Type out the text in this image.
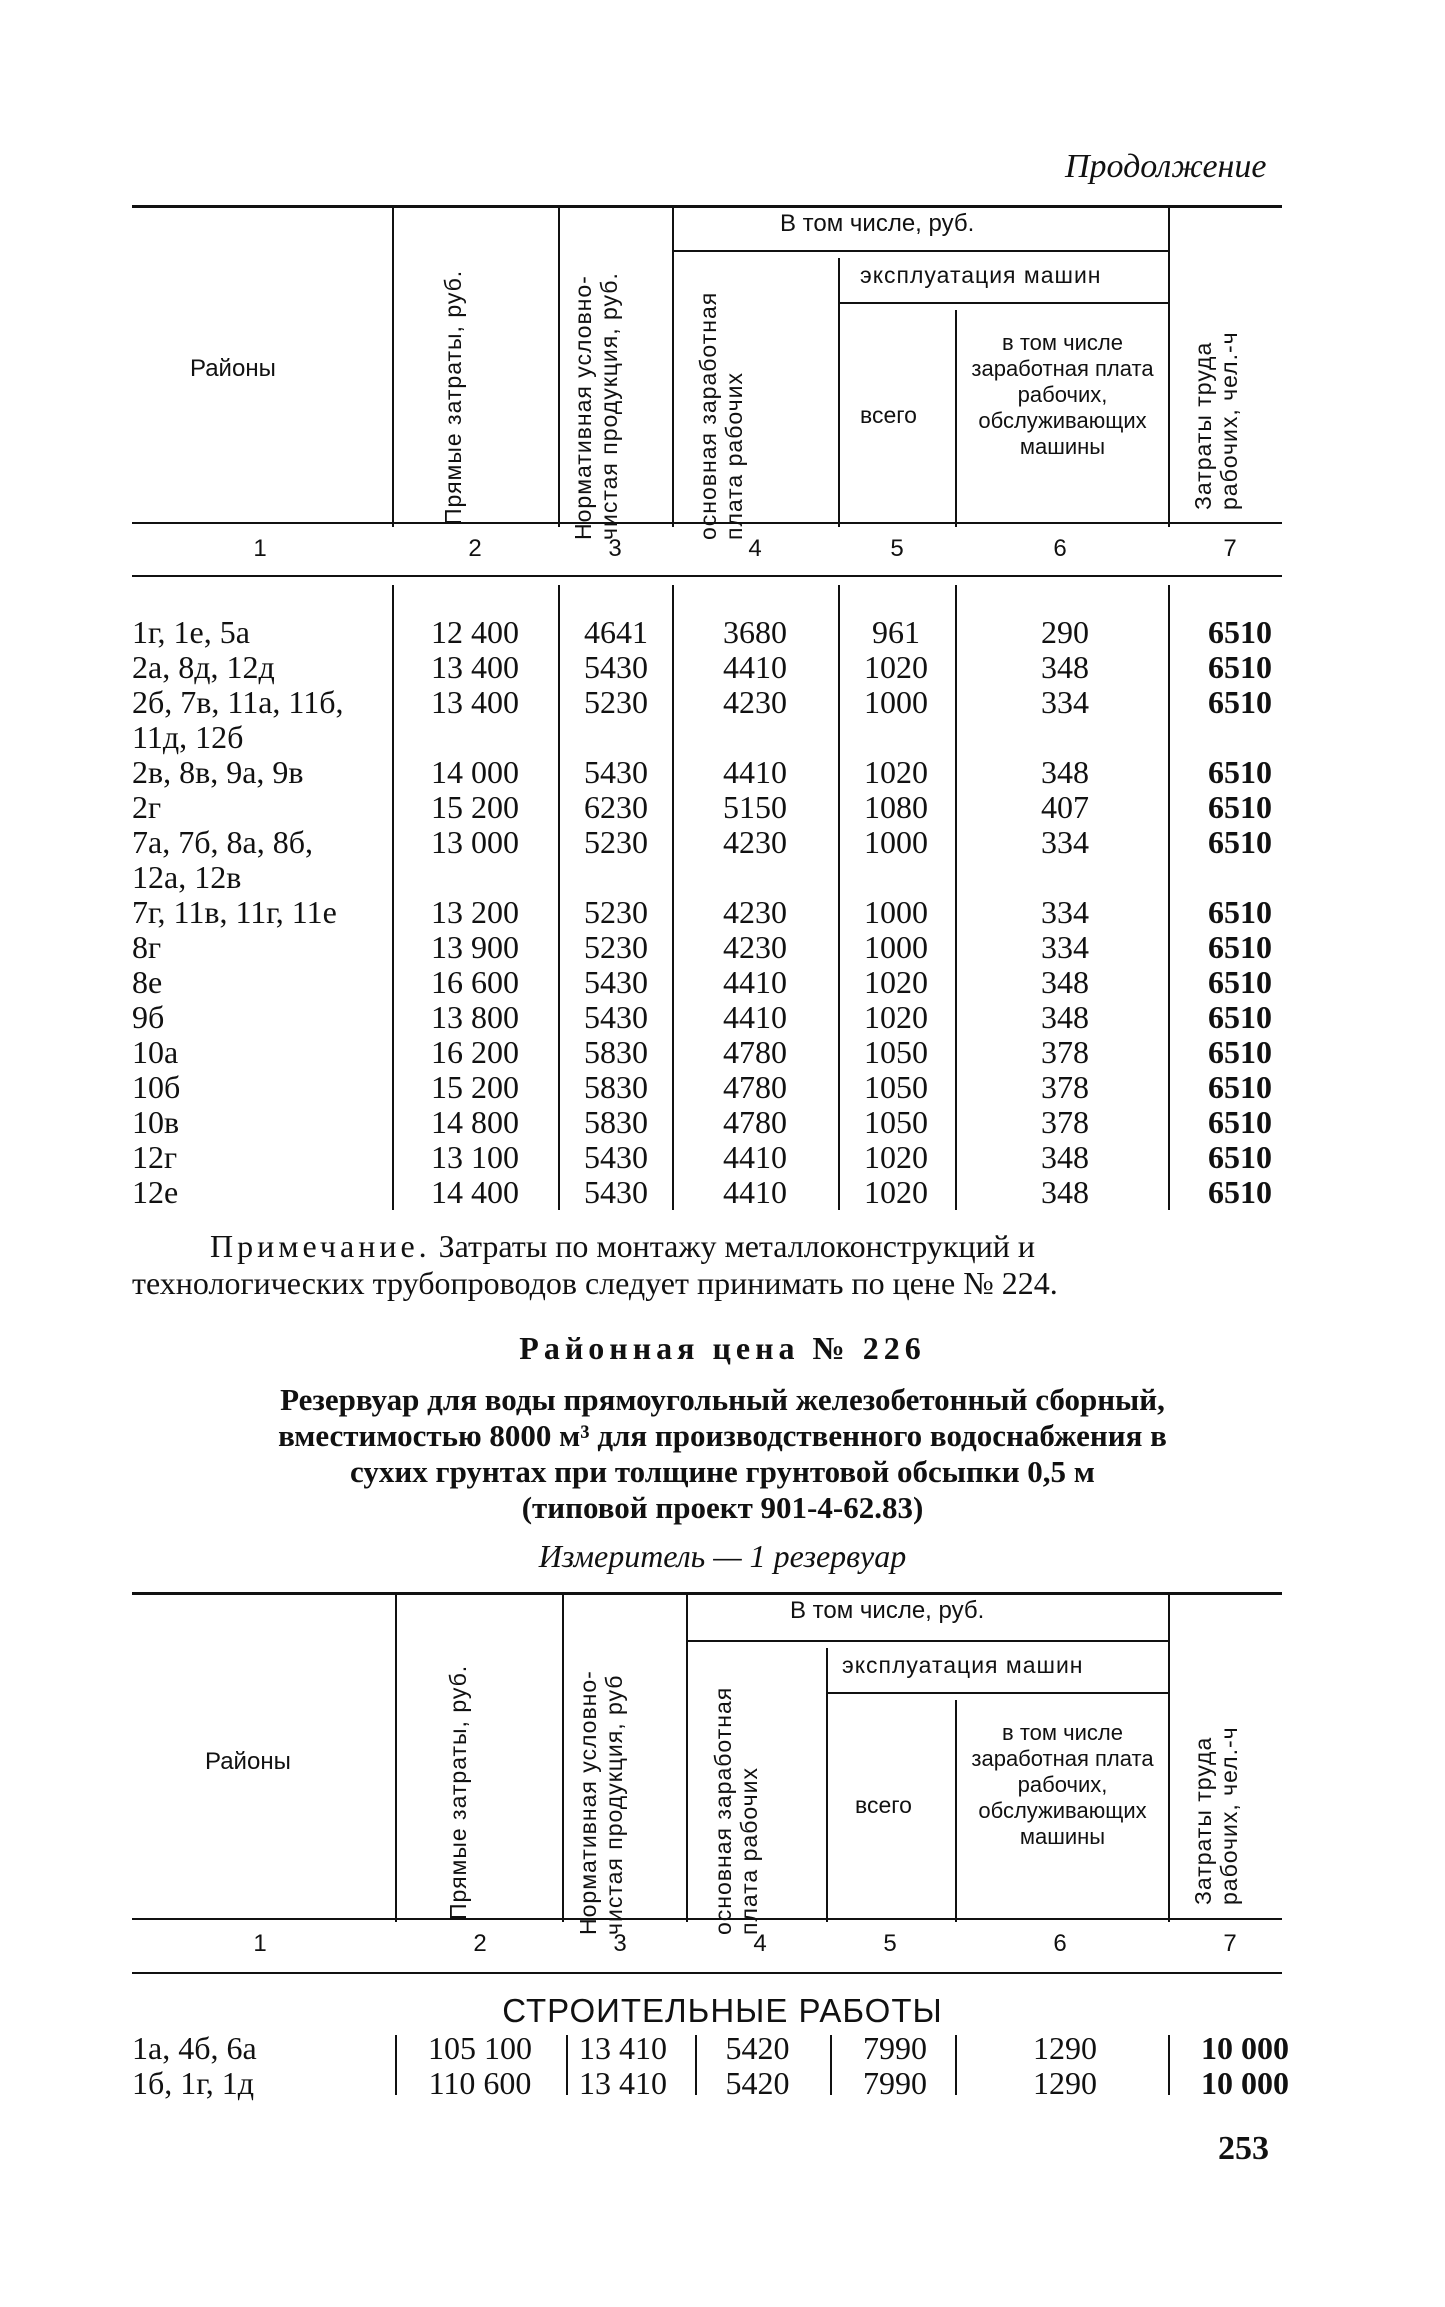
Продолжение
Районы	Прямые затраты, руб.	Нормативная условно-чистая продукция, руб.
В том числе, руб.
основная заработная плата рабочих
эксплуатация машин
всего
в том числе заработная плата рабочих, обслуживающих машины	Затраты труда рабочих, чел.-ч
1	2	3	4	5	6	7
1г, 1е, 5а	12 400	4641	3680	961	290	6510
2а, 8д, 12д	13 400	5430	4410	1020	348	6510
2б, 7в, 11а, 11б,	13 400	5230	4230	1000	334	6510
11д, 12б
2в, 8в, 9а, 9в	14 000	5430	4410	1020	348	6510
2г	15 200	6230	5150	1080	407	6510
7а, 7б, 8а, 8б,	13 000	5230	4230	1000	334	6510
12а, 12в
7г, 11в, 11г, 11е	13 200	5230	4230	1000	334	6510
8г	13 900	5230	4230	1000	334	6510
8е	16 600	5430	4410	1020	348	6510
9б	13 800	5430	4410	1020	348	6510
10а	16 200	5830	4780	1050	378	6510
10б	15 200	5830	4780	1050	378	6510
10в	14 800	5830	4780	1050	378	6510
12г	13 100	5430	4410	1020	348	6510
12е	14 400	5430	4410	1020	348	6510
Примечание. Затраты по монтажу металлоконструкций и
технологических трубопроводов следует принимать по цене № 224.
Районная цена № 226
Резервуар для воды прямоугольный железобетонный сборный,
вместимостью 8000 м³ для производственного водоснабжения в
сухих грунтах при толщине грунтовой обсыпки 0,5 м
(типовой проект 901-4-62.83)
Измеритель — 1 резервуар
Районы	Прямые затраты, руб.	Нормативная условно-чистая продукция, руб
В том числе, руб.
основная заработная плата рабочих
эксплуатация машин
всего
в том числе заработная плата рабочих, обслуживающих машины	Затраты труда рабочих, чел.-ч
1	2	3	4	5	6	7
СТРОИТЕЛЬНЫЕ РАБОТЫ
1а, 4б, 6а	105 100	13 410	5420	7990	1290	10 000
1б, 1г, 1д	110 600	13 410	5420	7990	1290	10 000
253
